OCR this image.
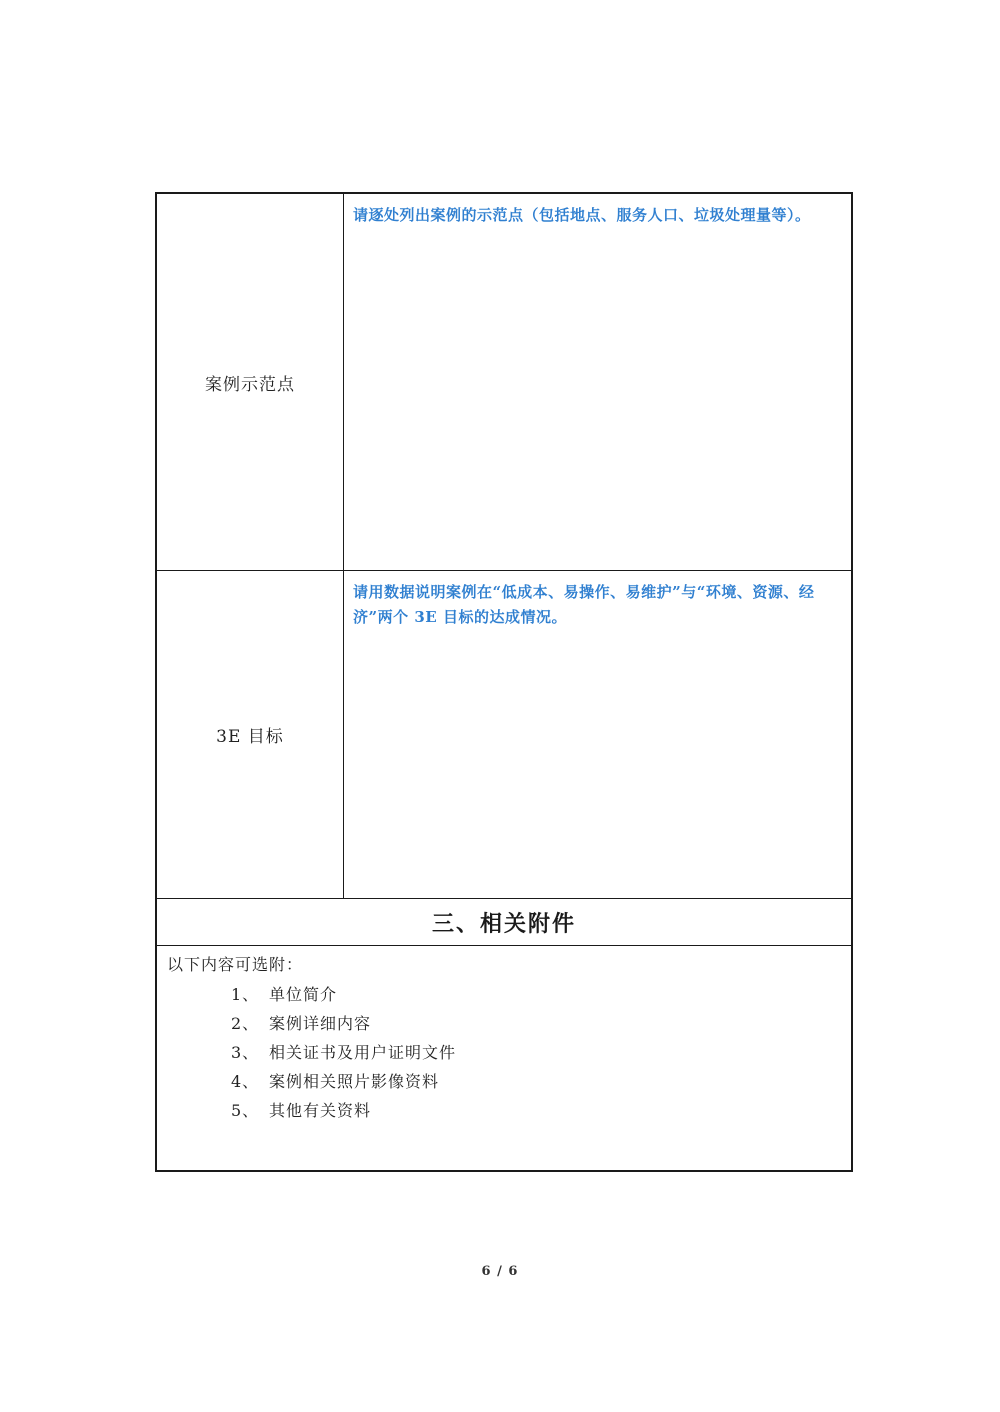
案例示范点
请逐处列出案例的示范点（包括地点、服务人口、垃圾处理量等）。
3E 目标
请用数据说明案例在“低成本、易操作、易维护”与“环境、资源、经济”两个 3E 目标的达成情况。
三、相关附件
以下内容可选附：
1、 单位简介
2、 案例详细内容
3、 相关证书及用户证明文件
4、 案例相关照片影像资料
5、 其他有关资料
6 / 6
